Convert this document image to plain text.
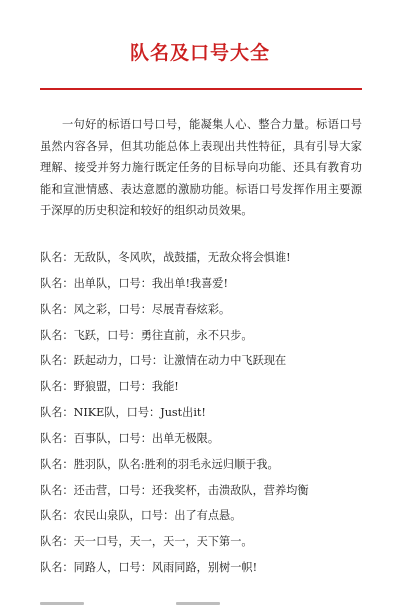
队名及口号大全

一句好的标语口号口号，能凝集人心、整合力量。标语口号虽然内容各异，但其功能总体上表现出共性特征，具有引导大家理解、接受并努力施行既定任务的目标导向功能、还具有教育功能和宣泄情感、表达意愿的激励功能。标语口号发挥作用主要源于深厚的历史积淀和较好的组织动员效果。

队名：无敌队，冬风吹，战鼓擂，无敌众将会惧谁!
队名：出单队，口号：我出单!我喜爱!
队名：风之彩，口号：尽展青春炫彩。
队名：飞跃，口号：勇往直前，永不只步。
队名：跃起动力，口号：让激情在动力中飞跃现在
队名：野狼盟，口号：我能!
队名：NIKE队，口号：Just出it!
队名：百事队，口号：出单无极限。
队名：胜羽队，队名:胜利的羽毛永远归顺于我。
队名：还击营，口号：还我奖杯，击溃敌队，营养均衡
队名：农民山泉队，口号：出了有点悬。
队名：天一口号，天一，天一，天下第一。
队名：同路人，口号：风雨同路，别树一帜!
